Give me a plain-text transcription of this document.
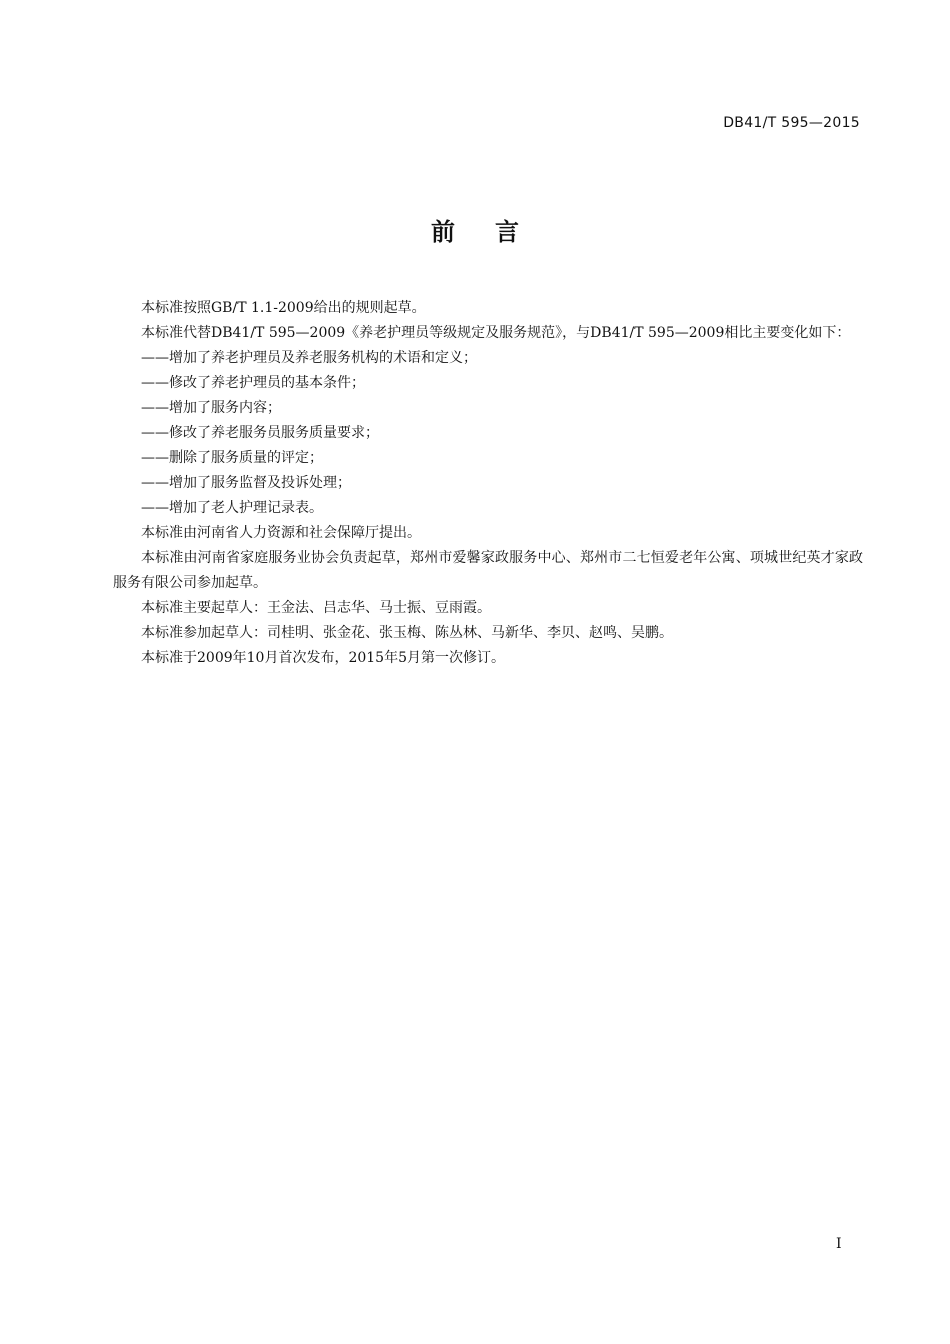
DB41/T 595—2015
前言

本标准按照GB/T 1.1-2009给出的规则起草。

本标准代替DB41/T 595—2009《养老护理员等级规定及服务规范》，与DB41/T 595—2009相比主要变化如下：

——增加了养老护理员及养老服务机构的术语和定义；

——修改了养老护理员的基本条件；

——增加了服务内容；

——修改了养老服务员服务质量要求；

——删除了服务质量的评定；

——增加了服务监督及投诉处理；

——增加了老人护理记录表。

本标准由河南省人力资源和社会保障厅提出。

本标准由河南省家庭服务业协会负责起草，郑州市爱馨家政服务中心、郑州市二七恒爱老年公寓、项城世纪英才家政服务有限公司参加起草。

本标准主要起草人：王金法、吕志华、马士振、豆雨霞。

本标准参加起草人：司桂明、张金花、张玉梅、陈丛林、马新华、李贝、赵鸣、吴鹏。

本标准于2009年10月首次发布，2015年5月第一次修订。

I
